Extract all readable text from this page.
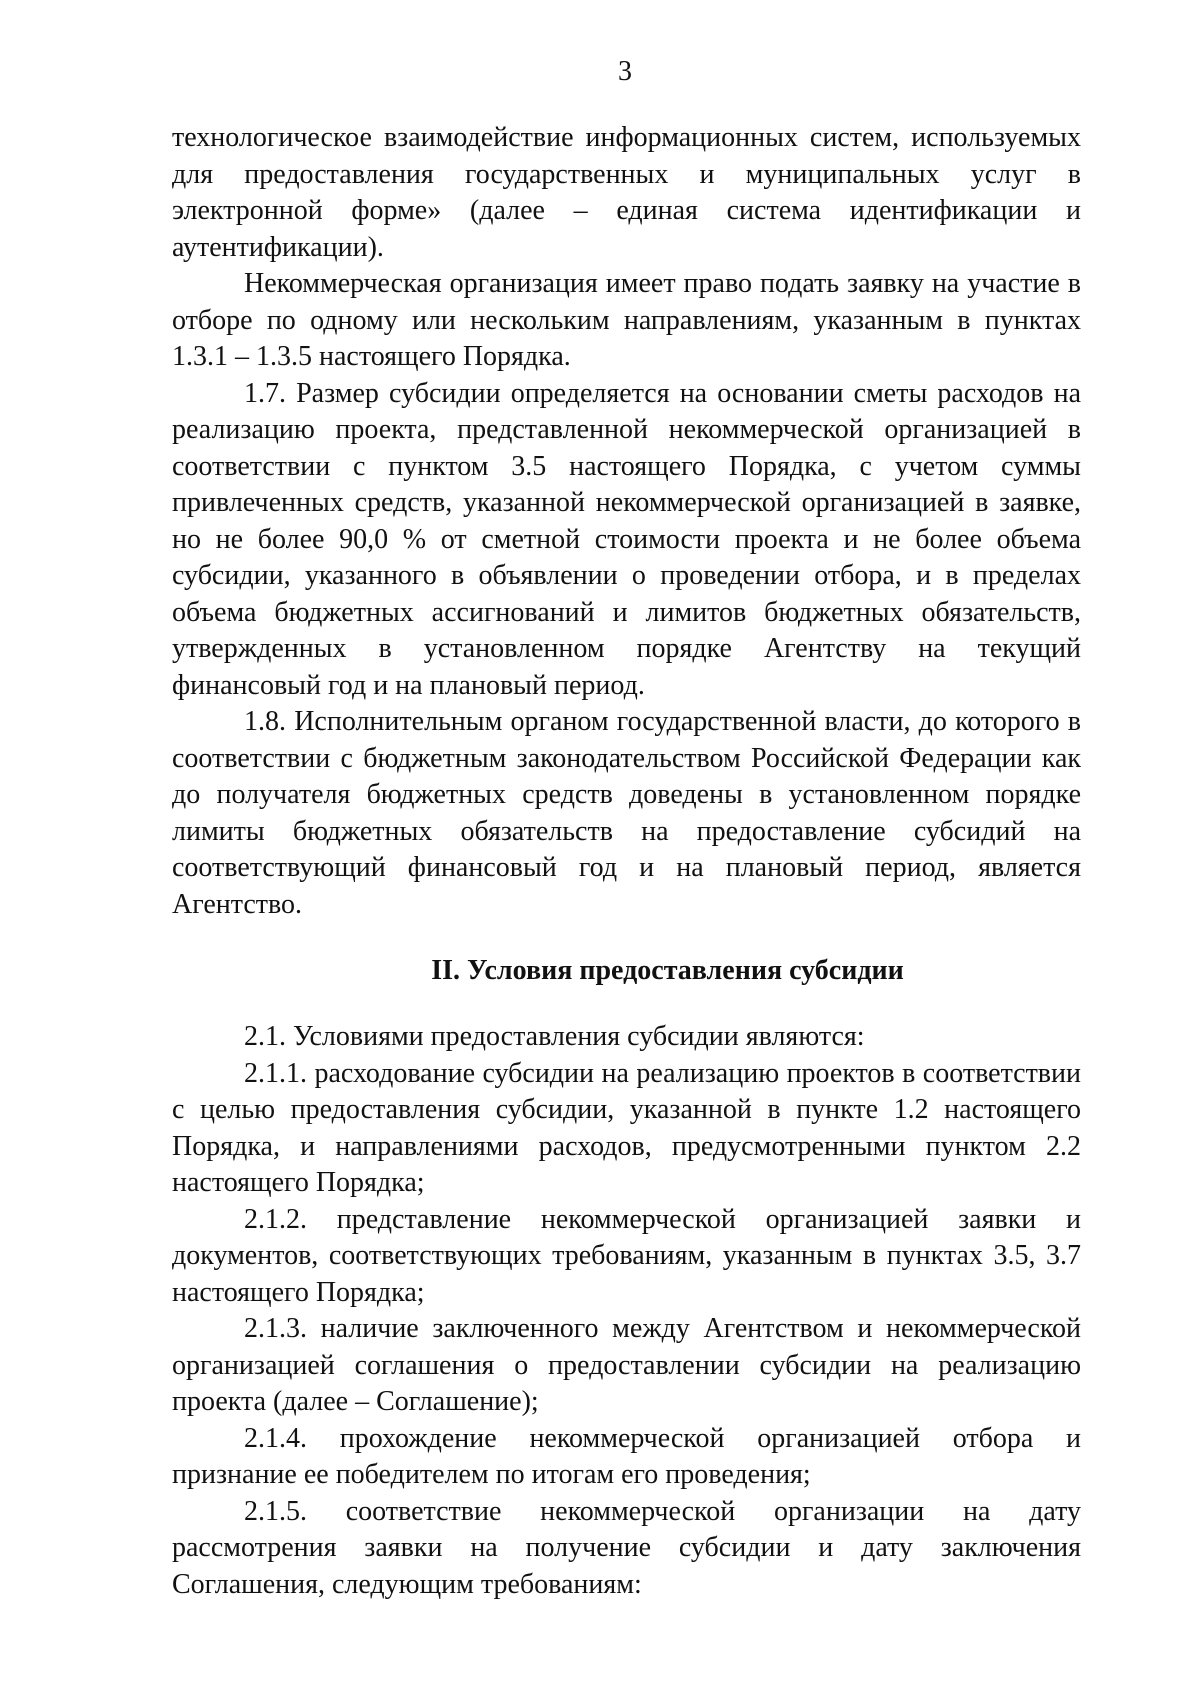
3

технологическое взаимодействие информационных систем, используемых для предоставления государственных и муниципальных услуг в электронной форме» (далее – единая система идентификации и аутентификации).

Некоммерческая организация имеет право подать заявку на участие в отборе по одному или нескольким направлениям, указанным в пунктах 1.3.1 – 1.3.5 настоящего Порядка.

1.7. Размер субсидии определяется на основании сметы расходов на реализацию проекта, представленной некоммерческой организацией в соответствии с пунктом 3.5 настоящего Порядка, с учетом суммы привлеченных средств, указанной некоммерческой организацией в заявке, но не более 90,0 % от сметной стоимости проекта и не более объема субсидии, указанного в объявлении о проведении отбора, и в пределах объема бюджетных ассигнований и лимитов бюджетных обязательств, утвержденных в установленном порядке Агентству на текущий финансовый год и на плановый период.

1.8. Исполнительным органом государственной власти, до которого в соответствии с бюджетным законодательством Российской Федерации как до получателя бюджетных средств доведены в установленном порядке лимиты бюджетных обязательств на предоставление субсидий на соответствующий финансовый год и на плановый период, является Агентство.

II. Условия предоставления субсидии

2.1. Условиями предоставления субсидии являются:

2.1.1. расходование субсидии на реализацию проектов в соответствии с целью предоставления субсидии, указанной в пункте 1.2 настоящего Порядка, и направлениями расходов, предусмотренными пунктом 2.2 настоящего Порядка;

2.1.2. представление некоммерческой организацией заявки и документов, соответствующих требованиям, указанным в пунктах 3.5, 3.7 настоящего Порядка;

2.1.3. наличие заключенного между Агентством и некоммерческой организацией соглашения о предоставлении субсидии на реализацию проекта (далее – Соглашение);

2.1.4. прохождение некоммерческой организацией отбора и признание ее победителем по итогам его проведения;

2.1.5. соответствие некоммерческой организации на дату рассмотрения заявки на получение субсидии и дату заключения Соглашения, следующим требованиям:
